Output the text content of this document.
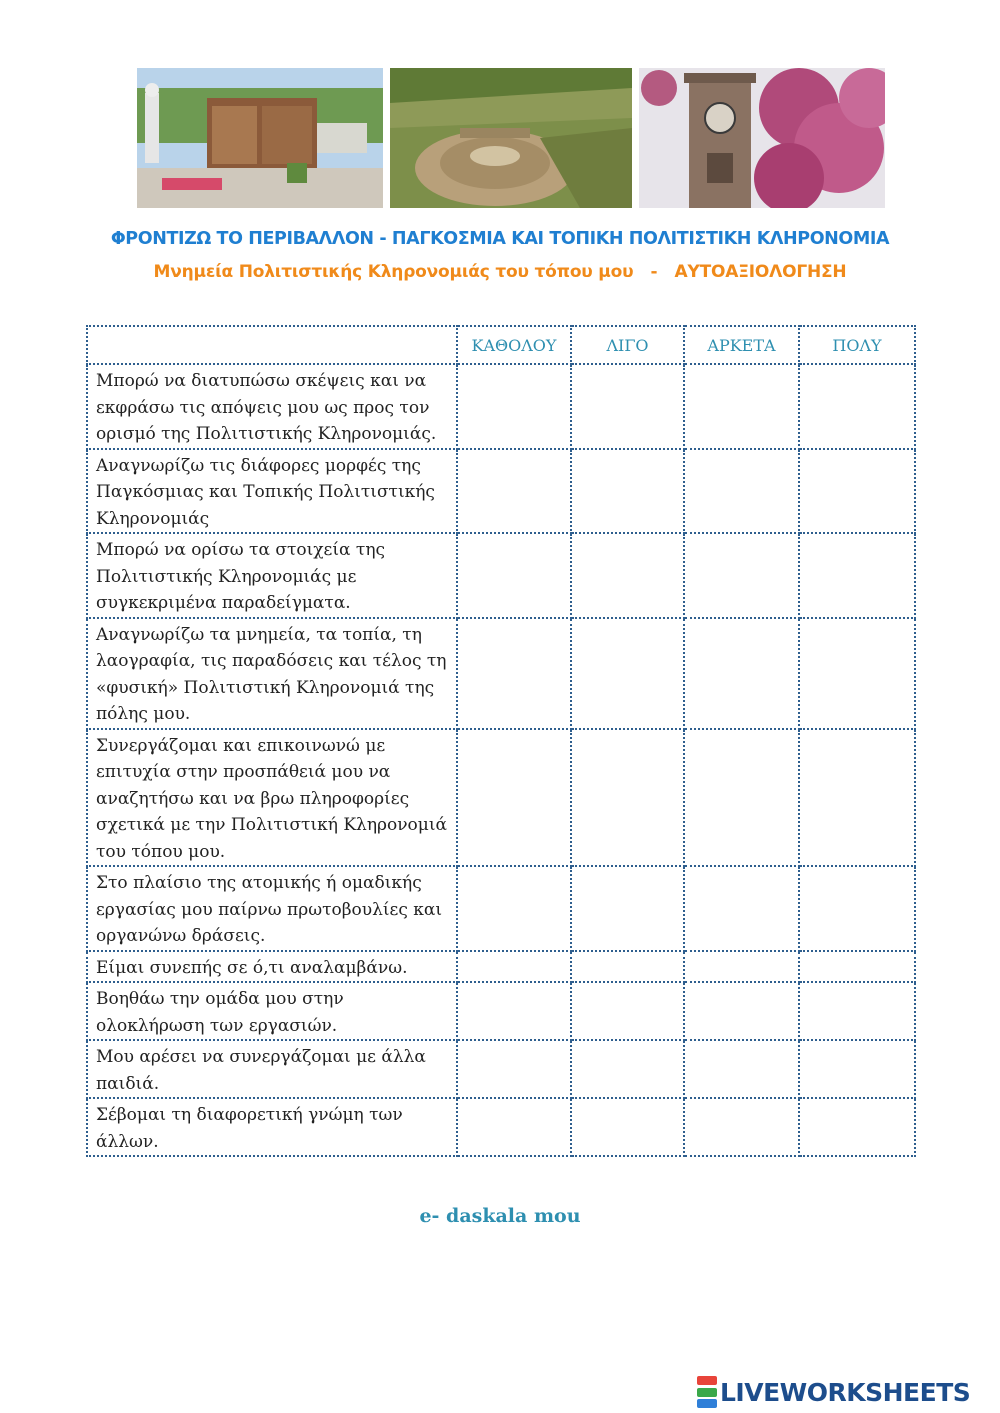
ΦΡΟΝΤΙΖΩ ΤΟ ΠΕΡΙΒΑΛΛΟΝ - ΠΑΓΚΟΣΜΙΑ ΚΑΙ ΤΟΠΙΚΗ ΠΟΛΙΤΙΣΤΙΚΗ ΚΛΗΡΟΝΟΜΙΑ
Μνημεία Πολιτιστικής Κληρονομιάς του τόπου μου - ΑΥΤΟΑΞΙΟΛΟΓΗΣΗ
	ΚΑΘΟΛΟΥ	ΛΙΓΟ	ΑΡΚΕΤΑ	ΠΟΛΥ

Μπορώ να διατυπώσω σκέψεις και να
εκφράσω τις απόψεις μου ως προς τον
ορισμό της Πολιτιστικής Κληρονομιάς.				

Αναγνωρίζω τις διάφορες μορφές της
Παγκόσμιας και Τοπικής Πολιτιστικής
Κληρονομιάς				

Μπορώ να ορίσω τα στοιχεία της
Πολιτιστικής Κληρονομιάς με
συγκεκριμένα παραδείγματα.				

Αναγνωρίζω τα μνημεία, τα τοπία, τη
λαογραφία, τις παραδόσεις και τέλος τη
«φυσική» Πολιτιστική Κληρονομιά της
πόλης μου.				

Συνεργάζομαι και επικοινωνώ με
επιτυχία στην προσπάθειά μου να
αναζητήσω και να βρω πληροφορίες
σχετικά με την Πολιτιστική Κληρονομιά
του τόπου μου.				

Στο πλαίσιο της ατομικής ή ομαδικής
εργασίας μου παίρνω πρωτοβουλίες και
οργανώνω δράσεις.				

Είμαι συνεπής σε ό,τι αναλαμβάνω.				

Βοηθάω την ομάδα μου στην
ολοκλήρωση των εργασιών.				

Μου αρέσει να συνεργάζομαι με άλλα
παιδιά.				

Σέβομαι τη διαφορετική γνώμη των
άλλων.				

e- daskala mou
LIVEWORKSHEETS
